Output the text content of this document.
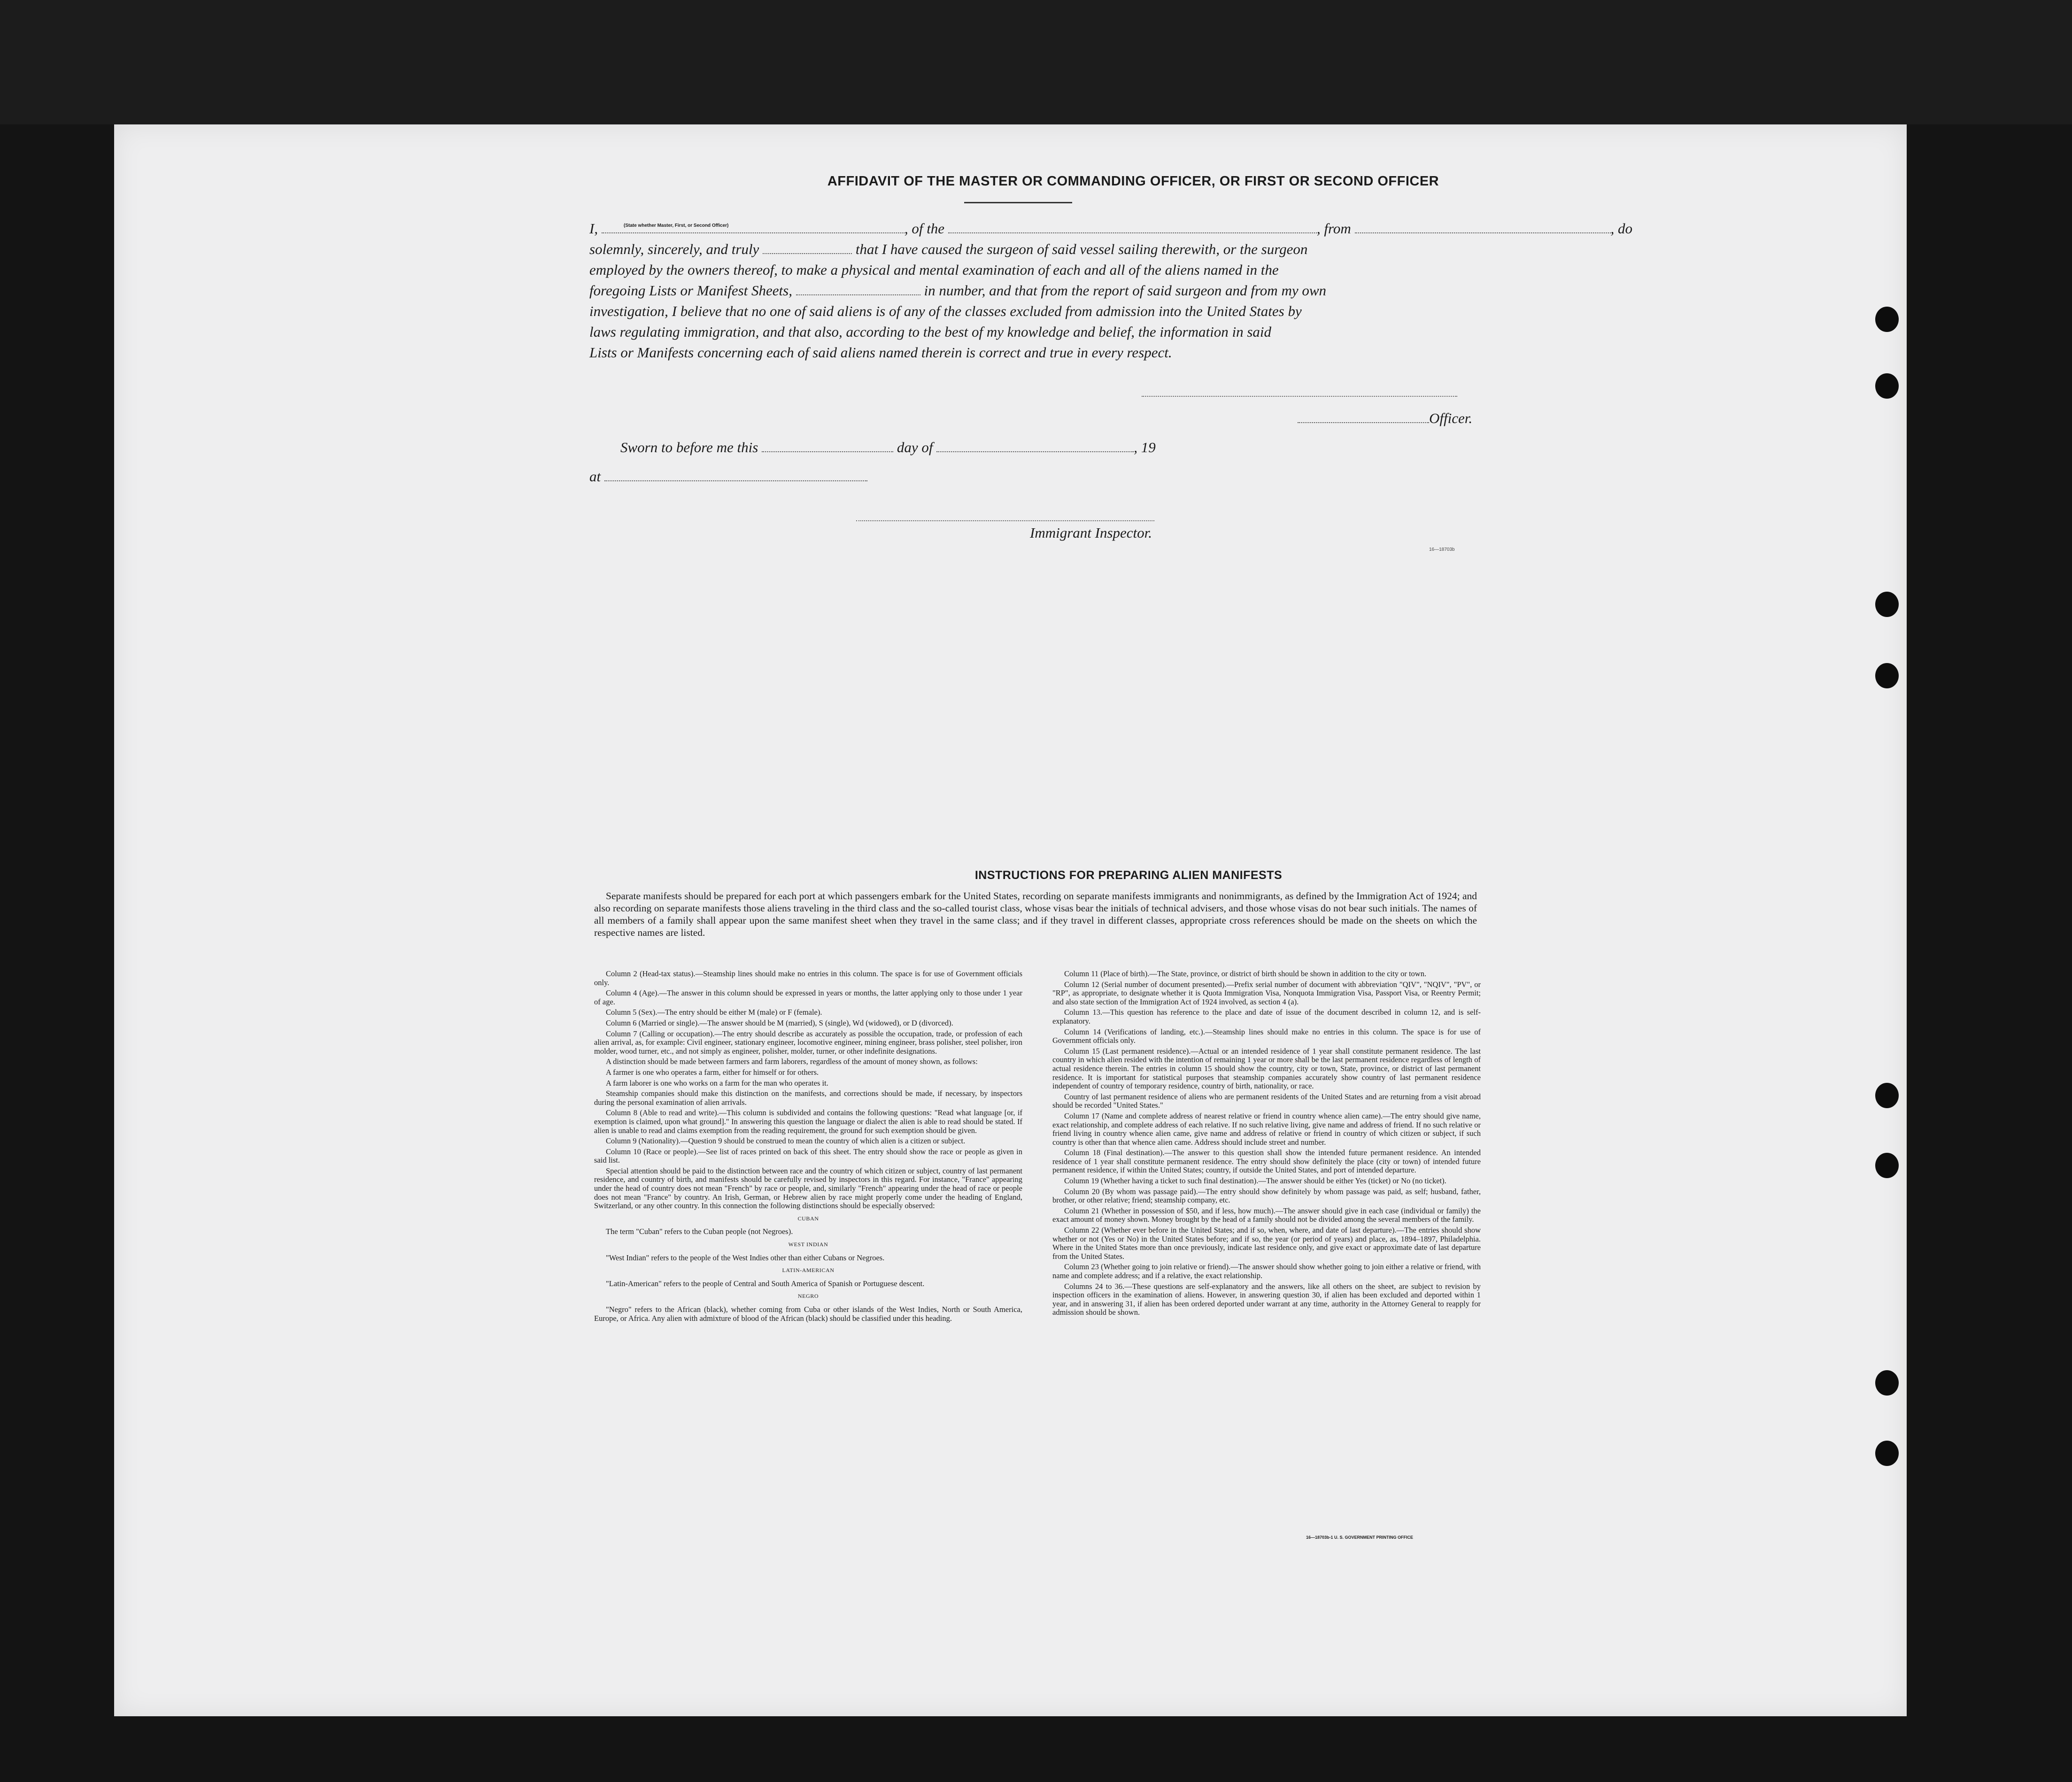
AFFIDAVIT OF THE MASTER OR COMMANDING OFFICER, OR FIRST OR SECOND OFFICER
(State whether Master, First, or Second Officer)
I,	, of the	, from	, do
solemnly, sincerely, and truly	that I have caused the surgeon of said vessel sailing therewith, or the surgeon
employed by the owners thereof, to make a physical and mental examination of each and all of the aliens named in the
foregoing Lists or Manifest Sheets,	in number, and that from the report of said surgeon and from my own
investigation, I believe that no one of said aliens is of any of the classes excluded from admission into the United States by
laws regulating immigration, and that also, according to the best of my knowledge and belief, the information in said
Lists or Manifests concerning each of said aliens named therein is correct and true in every respect.
Officer.
Sworn to before me this	day of	, 19
at
Immigrant Inspector.
16—18703b
INSTRUCTIONS FOR PREPARING ALIEN MANIFESTS
Separate manifests should be prepared for each port at which passengers embark for the United States, recording on separate manifests immigrants and nonimmigrants, as defined by the Immigration Act of 1924; and also recording on separate manifests those aliens traveling in the third class and the so-called tourist class, whose visas bear the initials of technical advisers, and those whose visas do not bear such initials. The names of all members of a family shall appear upon the same manifest sheet when they travel in the same class; and if they travel in different classes, appropriate cross references should be made on the sheets on which the respective names are listed.

Column 2 (Head-tax status).—Steamship lines should make no entries in this column. The space is for use of Government officials only.

Column 4 (Age).—The answer in this column should be expressed in years or months, the latter applying only to those under 1 year of age.

Column 5 (Sex).—The entry should be either M (male) or F (female).

Column 6 (Married or single).—The answer should be M (married), S (single), Wd (widowed), or D (divorced).

Column 7 (Calling or occupation).—The entry should describe as accurately as possible the occupation, trade, or profession of each alien arrival, as, for example: Civil engineer, stationary engineer, locomotive engineer, mining engineer, brass polisher, steel polisher, iron molder, wood turner, etc., and not simply as engineer, polisher, molder, turner, or other indefinite designations.

A distinction should be made between farmers and farm laborers, regardless of the amount of money shown, as follows:

A farmer is one who operates a farm, either for himself or for others.

A farm laborer is one who works on a farm for the man who operates it.

Steamship companies should make this distinction on the manifests, and corrections should be made, if necessary, by inspectors during the personal examination of alien arrivals.

Column 8 (Able to read and write).—This column is subdivided and contains the following questions: "Read what language [or, if exemption is claimed, upon what ground]." In answering this question the language or dialect the alien is able to read should be stated. If alien is unable to read and claims exemption from the reading requirement, the ground for such exemption should be given.

Column 9 (Nationality).—Question 9 should be construed to mean the country of which alien is a citizen or subject.

Column 10 (Race or people).—See list of races printed on back of this sheet. The entry should show the race or people as given in said list.

Special attention should be paid to the distinction between race and the country of which citizen or subject, country of last permanent residence, and country of birth, and manifests should be carefully revised by inspectors in this regard. For instance, "France" appearing under the head of country does not mean "French" by race or people, and, similarly "French" appearing under the head of race or people does not mean "France" by country. An Irish, German, or Hebrew alien by race might properly come under the heading of England, Switzerland, or any other country. In this connection the following distinctions should be especially observed:

CUBAN

The term "Cuban" refers to the Cuban people (not Negroes).

WEST INDIAN

"West Indian" refers to the people of the West Indies other than either Cubans or Negroes.

LATIN-AMERICAN

"Latin-American" refers to the people of Central and South America of Spanish or Portuguese descent.

NEGRO

"Negro" refers to the African (black), whether coming from Cuba or other islands of the West Indies, North or South America, Europe, or Africa. Any alien with admixture of blood of the African (black) should be classified under this heading.

Column 11 (Place of birth).—The State, province, or district of birth should be shown in addition to the city or town.

Column 12 (Serial number of document presented).—Prefix serial number of document with abbreviation "QIV", "NQIV", "PV", or "RP", as appropriate, to designate whether it is Quota Immigration Visa, Nonquota Immigration Visa, Passport Visa, or Reentry Permit; and also state section of the Immigration Act of 1924 involved, as section 4 (a).

Column 13.—This question has reference to the place and date of issue of the document described in column 12, and is self-explanatory.

Column 14 (Verifications of landing, etc.).—Steamship lines should make no entries in this column. The space is for use of Government officials only.

Column 15 (Last permanent residence).—Actual or an intended residence of 1 year shall constitute permanent residence. The last country in which alien resided with the intention of remaining 1 year or more shall be the last permanent residence regardless of length of actual residence therein. The entries in column 15 should show the country, city or town, State, province, or district of last permanent residence. It is important for statistical purposes that steamship companies accurately show country of last permanent residence independent of country of temporary residence, country of birth, nationality, or race.

Country of last permanent residence of aliens who are permanent residents of the United States and are returning from a visit abroad should be recorded "United States."

Column 17 (Name and complete address of nearest relative or friend in country whence alien came).—The entry should give name, exact relationship, and complete address of each relative. If no such relative living, give name and address of friend. If no such relative or friend living in country whence alien came, give name and address of relative or friend in country of which citizen or subject, if such country is other than that whence alien came. Address should include street and number.

Column 18 (Final destination).—The answer to this question shall show the intended future permanent residence. An intended residence of 1 year shall constitute permanent residence. The entry should show definitely the place (city or town) of intended future permanent residence, if within the United States; country, if outside the United States, and port of intended departure.

Column 19 (Whether having a ticket to such final destination).—The answer should be either Yes (ticket) or No (no ticket).

Column 20 (By whom was passage paid).—The entry should show definitely by whom passage was paid, as self; husband, father, brother, or other relative; friend; steamship company, etc.

Column 21 (Whether in possession of $50, and if less, how much).—The answer should give in each case (individual or family) the exact amount of money shown. Money brought by the head of a family should not be divided among the several members of the family.

Column 22 (Whether ever before in the United States; and if so, when, where, and date of last departure).—The entries should show whether or not (Yes or No) in the United States before; and if so, the year (or period of years) and place, as, 1894–1897, Philadelphia. Where in the United States more than once previously, indicate last residence only, and give exact or approximate date of last departure from the United States.

Column 23 (Whether going to join relative or friend).—The answer should show whether going to join either a relative or friend, with name and complete address; and if a relative, the exact relationship.

Columns 24 to 36.—These questions are self-explanatory and the answers, like all others on the sheet, are subject to revision by inspection officers in the examination of aliens. However, in answering question 30, if alien has been excluded and deported within 1 year, and in answering 31, if alien has been ordered deported under warrant at any time, authority in the Attorney General to reapply for admission should be shown.

16—18703b-1 U. S. GOVERNMENT PRINTING OFFICE
